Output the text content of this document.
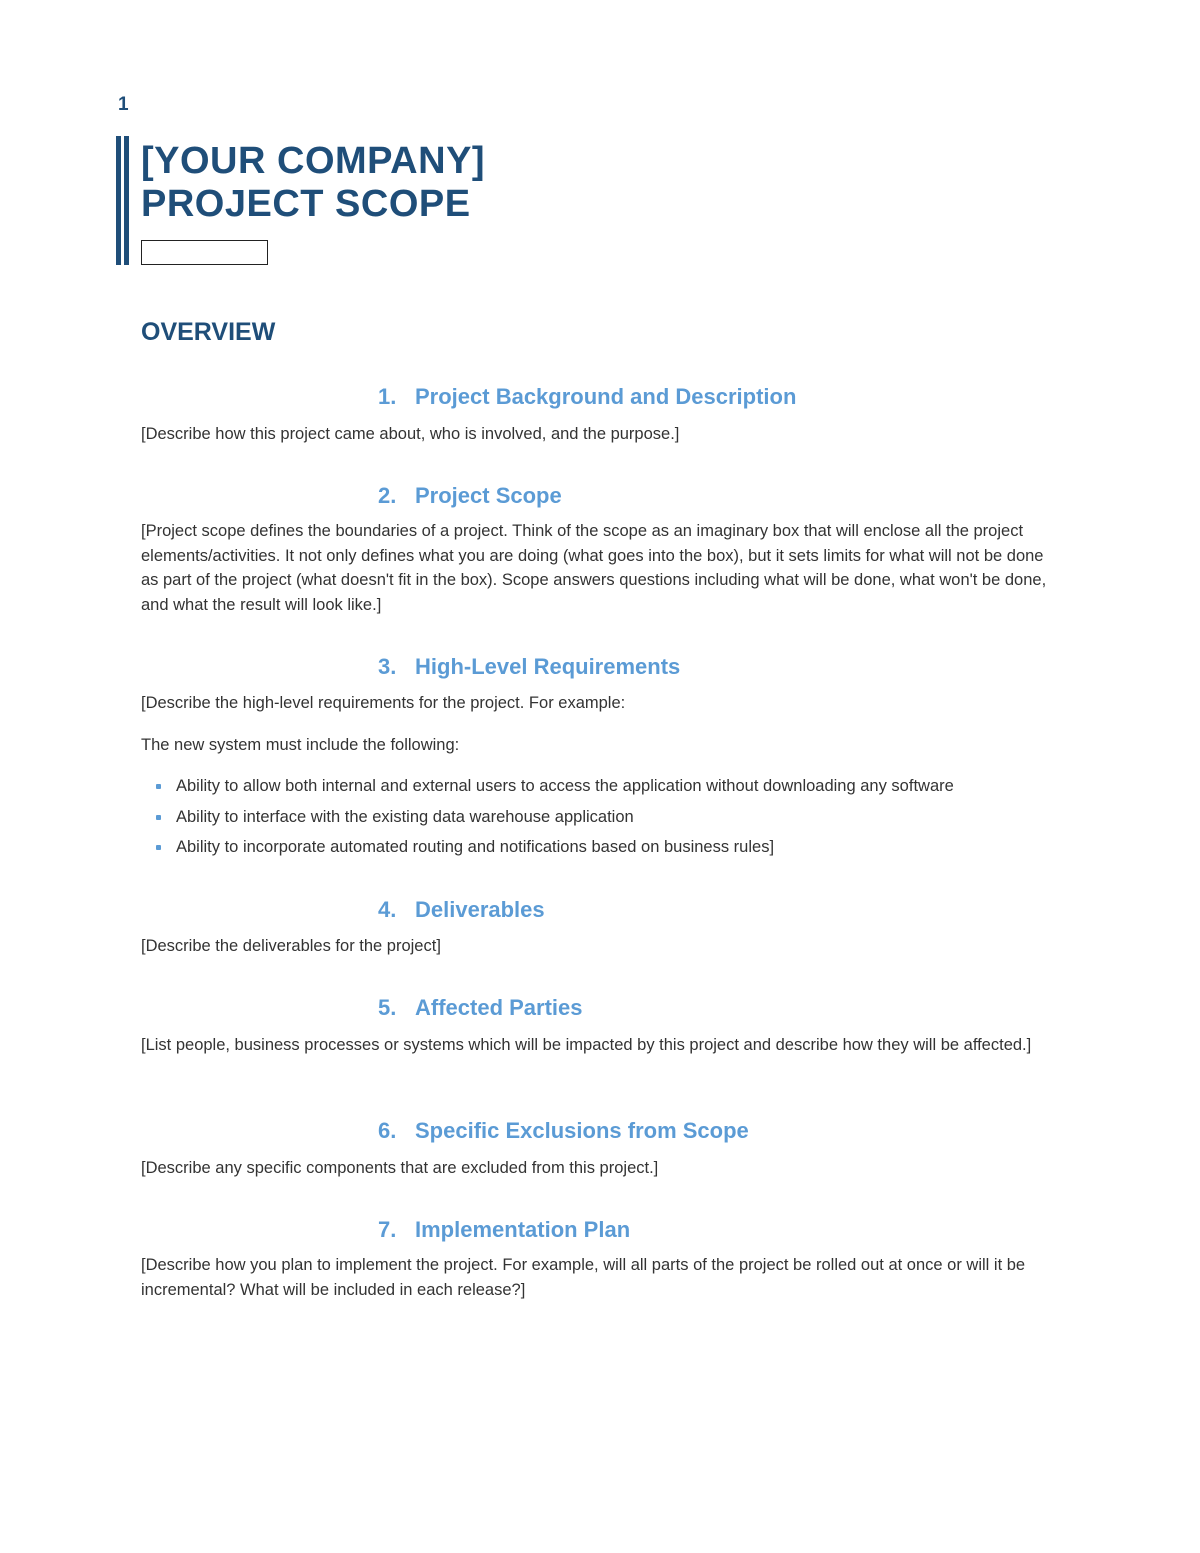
1
[YOUR COMPANY]
PROJECT SCOPE
OVERVIEW
1. Project Background and Description
[Describe how this project came about, who is involved, and the purpose.]
2. Project Scope
[Project scope defines the boundaries of a project. Think of the scope as an imaginary box that will enclose all the project elements/activities. It not only defines what you are doing (what goes into the box), but it sets limits for what will not be done as part of the project (what doesn't fit in the box). Scope answers questions including what will be done, what won't be done, and what the result will look like.]
3. High-Level Requirements
[Describe the high-level requirements for the project. For example:
The new system must include the following:
Ability to allow both internal and external users to access the application without downloading any software
Ability to interface with the existing data warehouse application
Ability to incorporate automated routing and notifications based on business rules]
4. Deliverables
[Describe the deliverables for the project]
5. Affected Parties
[List people, business processes or systems which will be impacted by this project and describe how they will be affected.]
6. Specific Exclusions from Scope
[Describe any specific components that are excluded from this project.]
7. Implementation Plan
[Describe how you plan to implement the project. For example, will all parts of the project be rolled out at once or will it be incremental? What will be included in each release?]
